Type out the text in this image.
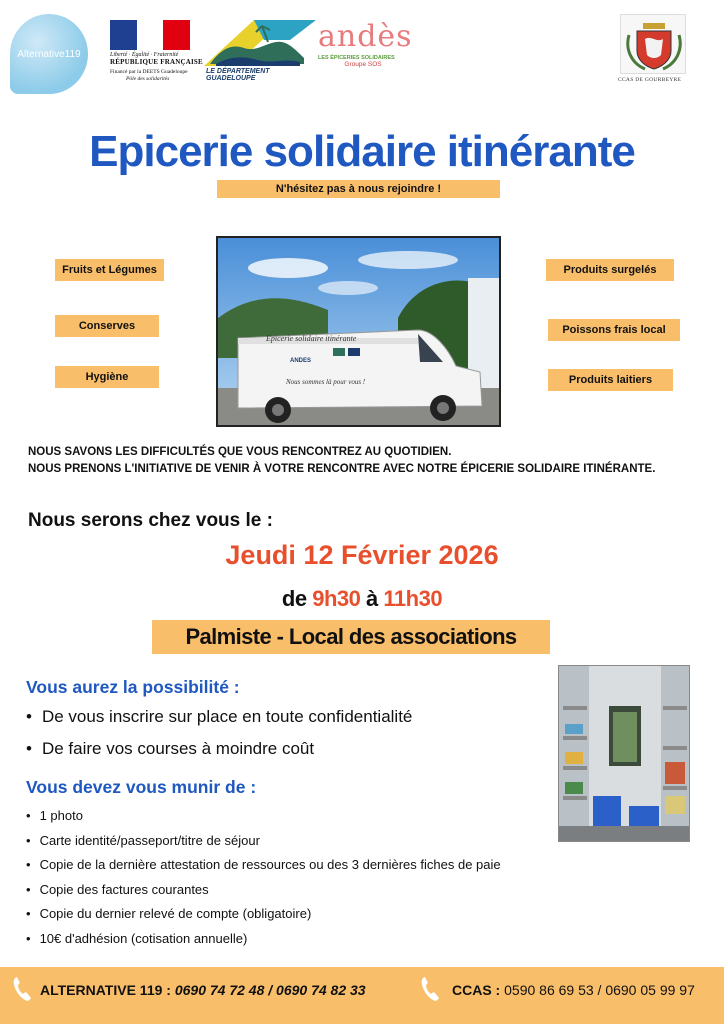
Alternative119	Liberté · Égalité · Fraternité
RÉPUBLIQUE FRANÇAISE
Financé par la DEETS Guadeloupe
Pôle des solidarités
LE DÉPARTEMENT
GUADELOUPE
andès
LES ÉPICERIES SOLIDAIRES
Groupe SOS
CCAS DE GOURBEYRE
Epicerie solidaire itinérante
N'hésitez pas à nous rejoindre !
Fruits et Légumes
Conserves
Hygiène
Produits surgelés
Poissons frais local
Produits laitiers
Epicerie solidaire itinérante
ANDES
Nous sommes là pour vous !
NOUS SAVONS LES DIFFICULTÉS QUE VOUS RENCONTREZ AU QUOTIDIEN.
NOUS PRENONS L'INITIATIVE DE VENIR À VOTRE RENCONTRE AVEC NOTRE ÉPICERIE SOLIDAIRE ITINÉRANTE.
Nous serons chez vous le :
Jeudi 12 Février 2026
de 9h30 à 11h30
Palmiste - Local des associations
Vous aurez la possibilité :
• De vous inscrire sur place en toute confidentialité
• De faire vos courses à moindre coût
Vous devez vous munir de :
• 1 photo
• Carte identité/passeport/titre de séjour
• Copie de la dernière attestation de ressources ou des 3 dernières fiches de paie
• Copie des factures courantes
• Copie du dernier relevé de compte (obligatoire)
• 10€ d'adhésion (cotisation annuelle)
ALTERNATIVE 119 : 0690 74 72 48 / 0690 74 82 33	CCAS : 0590 86 69 53 / 0690 05 99 97
